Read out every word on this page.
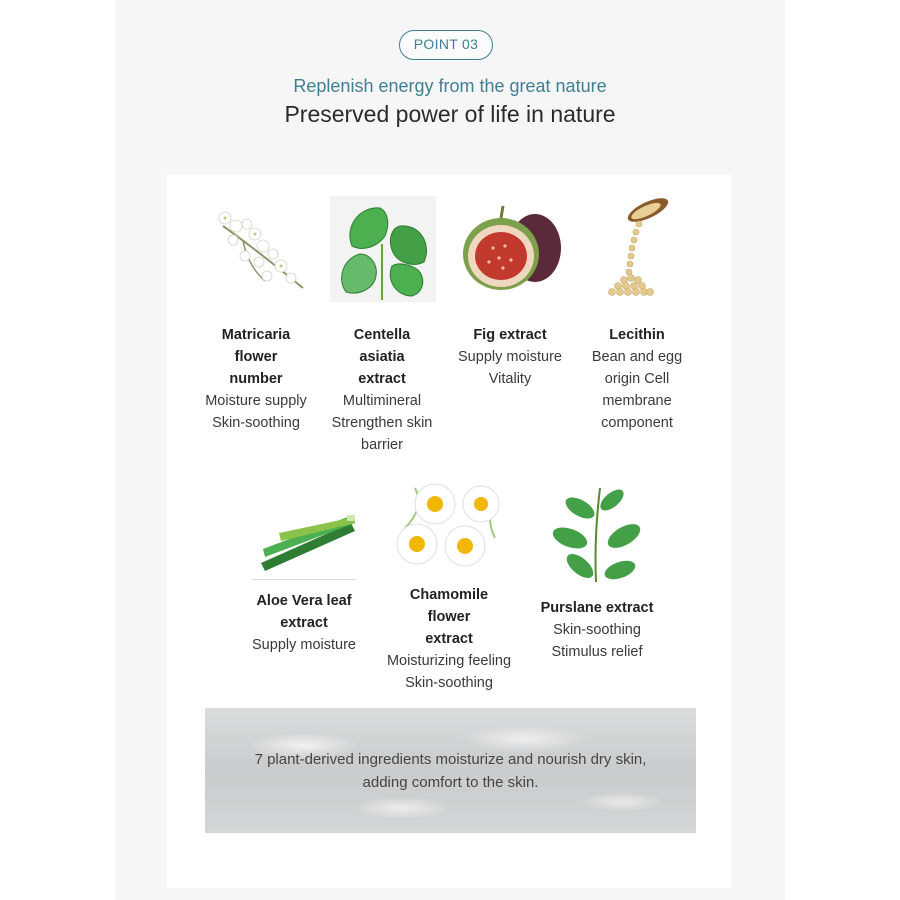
POINT 03
Replenish energy from the great nature
Preserved power of life in nature
Matricaria
flower
number
Moisture supply
Skin-soothing
Centella
asiatia
extract
Multimineral
Strengthen skin
barrier
Fig extract
Supply moisture
Vitality
Lecithin
Bean and egg
origin Cell
membrane
component
Aloe Vera leaf
extract
Supply moisture
Chamomile
flower
extract
Moisturizing feeling
Skin-soothing
Purslane extract
Skin-soothing
Stimulus relief
7 plant-derived ingredients moisturize and nourish dry skin,
adding comfort to the skin.
